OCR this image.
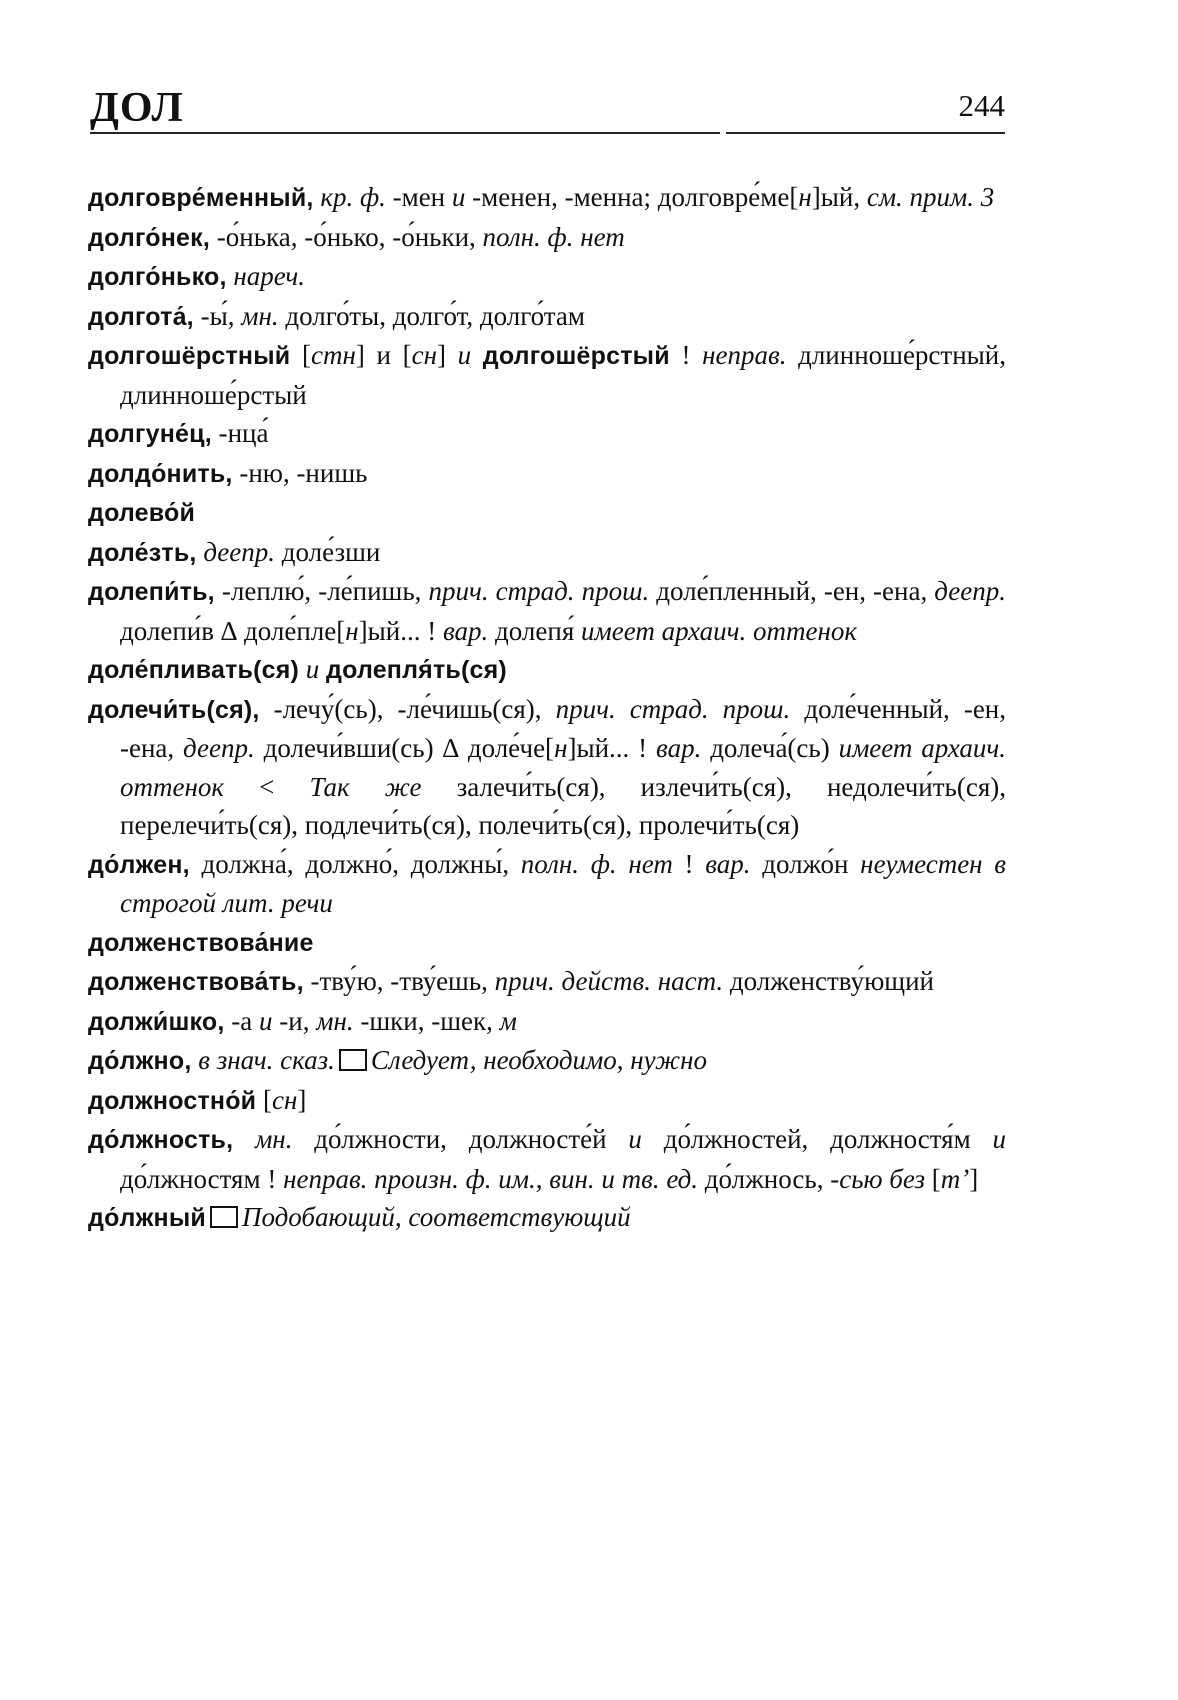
ДОЛ	244
долговре́менный, кр. ф. -мен и -менен, -менна; долговре́ме[н]ый, см. прим. 3
долго́нек, -о́нька, -о́нько, -о́ньки, полн. ф. нет
долго́нько, нареч.
долгота́, -ы́, мн. долго́ты, долго́т, долго́там
долгошёрстный [стн] и [сн] и долгошёрстый ! неправ. длинноше́рстный, длинноше́рстый
долгуне́ц, -нца́
долдо́нить, -ню, -нишь
долево́й
доле́зть, деепр. доле́зши
долепи́ть, -леплю́, -ле́пишь, прич. страд. прош. доле́пленный, -ен, -ена, деепр. долепи́в ∆ доле́пле[н]ый... ! вар. долепя́ имеет архаич. оттенок
доле́пливать(ся) и долепля́ть(ся)
долечи́ть(ся), -лечу́(сь), -ле́чишь(ся), прич. страд. прош. доле́ченный, -ен, -ена, деепр. долечи́вши(сь) ∆ доле́че[н]ый... ! вар. долеча́(сь) имеет архаич. оттенок < Так же залечи́ть(ся), излечи́ть(ся), недолечи́ть(ся), перелечи́ть(ся), подлечи́ть(ся), полечи́ть(ся), пролечи́ть(ся)
до́лжен, должна́, должно́, должны́, полн. ф. нет ! вар. должо́н неуместен в строгой лит. речи
долженствова́ние
долженствова́ть, -тву́ю, -тву́ешь, прич. действ. наст. долженству́ющий
должи́шко, -а и -и, мн. -шки, -шек, м
до́лжно, в знач. сказ. Следует, необходимо, нужно
должностно́й [сн]
до́лжность, мн. до́лжности, должносте́й и до́лжностей, должностя́м и до́лжностям ! неправ. произн. ф. им., вин. и тв. ед. до́лжнось, -сью без [тʼ]
до́лжный Подобающий, соответствующий
